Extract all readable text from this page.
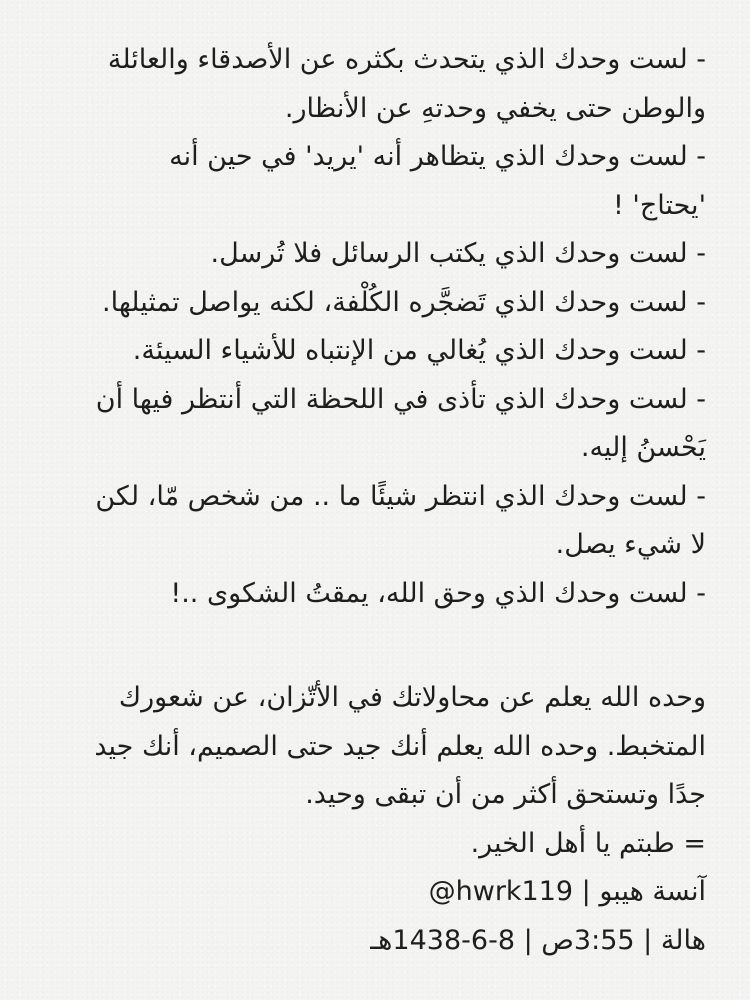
- لست وحدك الذي يتحدث بكثره عن الأصدقاء والعائلة
والوطن حتى يخفي وحدتهِ عن الأنظار.
- لست وحدك الذي يتظاهر أنه 'يريد' في حين أنه
'يحتاج' !
- لست وحدك الذي يكتب الرسائل فلا تُرسل.
- لست وحدك الذي تَضجَّره الكُلْفة، لكنه يواصل تمثيلها.
- لست وحدك الذي يُغالي من الإنتباه للأشياء السيئة.
- لست وحدك الذي تأذى في اللحظة التي أنتظر فيها أن
يَحْسنُ إليه.
- لست وحدك الذي انتظر شيئًا ما .. من شخص مّا، لكن
لا شيء يصل.
- لست وحدك الذي وحق الله، يمقتُ الشكوى ..!
وحده الله يعلم عن محاولاتك في الأتّزان، عن شعورك
المتخبط. وحده الله يعلم أنك جيد حتى الصميم، أنك جيد
جدًا وتستحق أكثر من أن تبقى وحيد.
= طبتم يا أهل الخير.
آنسة هيبو | hwrk119@
هالة | 3:55ص | 8-6-1438هـ
